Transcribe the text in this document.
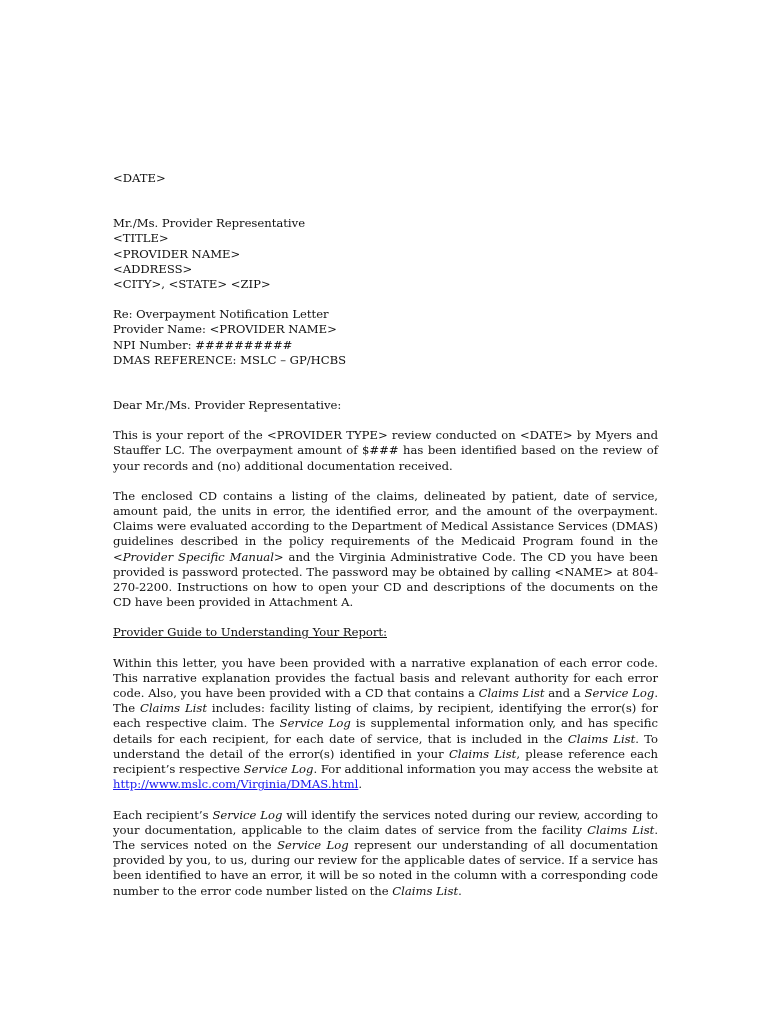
<DATE>
Mr./Ms. Provider Representative
<TITLE>
<PROVIDER NAME>
<ADDRESS>
<CITY>, <STATE> <ZIP>
Re: Overpayment Notification Letter
Provider Name: <PROVIDER NAME>
NPI Number: ##########
DMAS REFERENCE: MSLC – GP/HCBS
Dear Mr./Ms. Provider Representative:
This is your report of the <PROVIDER TYPE> review conducted on <DATE> by Myers and Stauffer LC. The overpayment amount of $### has been identified based on the review of your records and (no) additional documentation received.
The enclosed CD contains a listing of the claims, delineated by patient, date of service, amount paid, the units in error, the identified error, and the amount of the overpayment. Claims were evaluated according to the Department of Medical Assistance Services (DMAS) guidelines described in the policy requirements of the Medicaid Program found in the <Provider Specific Manual> and the Virginia Administrative Code. The CD you have been provided is password protected. The password may be obtained by calling <NAME> at 804-270-2200. Instructions on how to open your CD and descriptions of the documents on the CD have been provided in Attachment A.
Provider Guide to Understanding Your Report:
Within this letter, you have been provided with a narrative explanation of each error code. This narrative explanation provides the factual basis and relevant authority for each error code. Also, you have been provided with a CD that contains a Claims List and a Service Log. The Claims List includes: facility listing of claims, by recipient, identifying the error(s) for each respective claim. The Service Log is supplemental information only, and has specific details for each recipient, for each date of service, that is included in the Claims List. To understand the detail of the error(s) identified in your Claims List, please reference each recipient’s respective Service Log. For additional information you may access the website at http://www.mslc.com/Virginia/DMAS.html.
Each recipient’s Service Log will identify the services noted during our review, according to your documentation, applicable to the claim dates of service from the facility Claims List. The services noted on the Service Log represent our understanding of all documentation provided by you, to us, during our review for the applicable dates of service. If a service has been identified to have an error, it will be so noted in the column with a corresponding code number to the error code number listed on the Claims List.
